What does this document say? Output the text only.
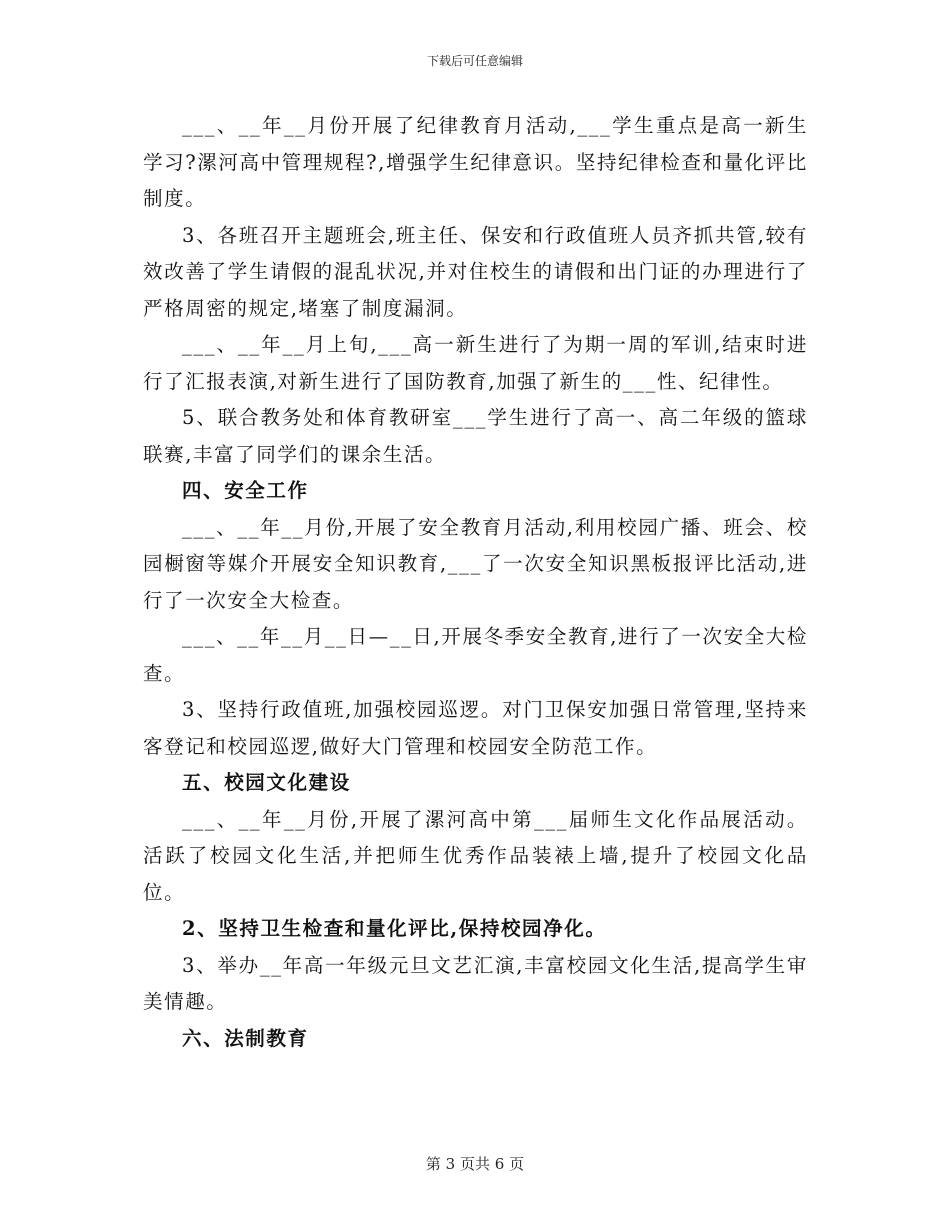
下载后可任意编辑

___、__年__月份开展了纪律教育月活动,___学生重点是高一新生学习?漯河高中管理规程?,增强学生纪律意识。坚持纪律检查和量化评比制度。

3、各班召开主题班会,班主任、保安和行政值班人员齐抓共管,较有效改善了学生请假的混乱状况,并对住校生的请假和出门证的办理进行了严格周密的规定,堵塞了制度漏洞。

___、__年__月上旬,___高一新生进行了为期一周的军训,结束时进行了汇报表演,对新生进行了国防教育,加强了新生的___性、纪律性。

5、联合教务处和体育教研室___学生进行了高一、高二年级的篮球联赛,丰富了同学们的课余生活。

四、安全工作

___、__年__月份,开展了安全教育月活动,利用校园广播、班会、校园橱窗等媒介开展安全知识教育,___了一次安全知识黑板报评比活动,进行了一次安全大检查。

___、__年__月__日—__日,开展冬季安全教育,进行了一次安全大检查。

3、坚持行政值班,加强校园巡逻。对门卫保安加强日常管理,坚持来客登记和校园巡逻,做好大门管理和校园安全防范工作。

五、校园文化建设

___、__年__月份,开展了漯河高中第___届师生文化作品展活动。活跃了校园文化生活,并把师生优秀作品装裱上墙,提升了校园文化品位。

2、坚持卫生检查和量化评比,保持校园净化。

3、举办__年高一年级元旦文艺汇演,丰富校园文化生活,提高学生审美情趣。

六、法制教育

第 3 页共 6 页
